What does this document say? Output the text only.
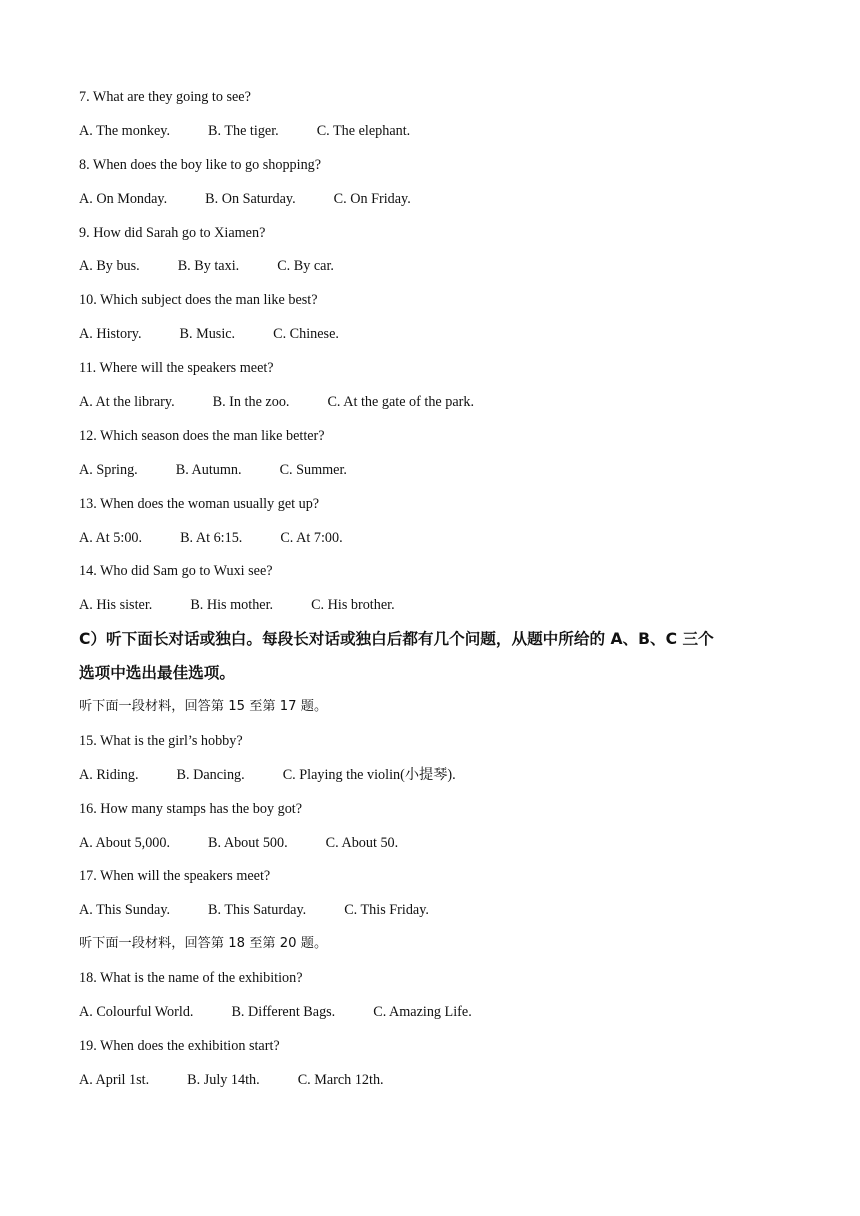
7. What are they going to see?
A. The monkey.	B. The tiger.	C. The elephant.
8. When does the boy like to go shopping?
A. On Monday.	B. On Saturday.	C. On Friday.
9. How did Sarah go to Xiamen?
A. By bus.	B. By taxi.	C. By car.
10. Which subject does the man like best?
A. History.	B. Music.	C. Chinese.
11. Where will the speakers meet?
A. At the library.	B. In the zoo.	C. At the gate of the park.
12. Which season does the man like better?
A. Spring.	B. Autumn.	C. Summer.
13. When does the woman usually get up?
A. At 5:00.	B. At 6:15.	C. At 7:00.
14. Who did Sam go to Wuxi see?
A. His sister.	B. His mother.	C. His brother.
C）听下面长对话或独白。每段长对话或独白后都有几个问题，从题中所给的 A、B、C 三个
选项中选出最佳选项。
听下面一段材料，回答第 15 至第 17 题。
15. What is the girl’s hobby?
A. Riding.	B. Dancing.	C. Playing the violin(小提琴).
16. How many stamps has the boy got?
A. About 5,000.	B. About 500.	C. About 50.
17. When will the speakers meet?
A. This Sunday.	B. This Saturday.	C. This Friday.
听下面一段材料，回答第 18 至第 20 题。
18. What is the name of the exhibition?
A. Colourful World.	B. Different Bags.	C. Amazing Life.
19. When does the exhibition start?
A. April 1st.	B. July 14th.	C. March 12th.
